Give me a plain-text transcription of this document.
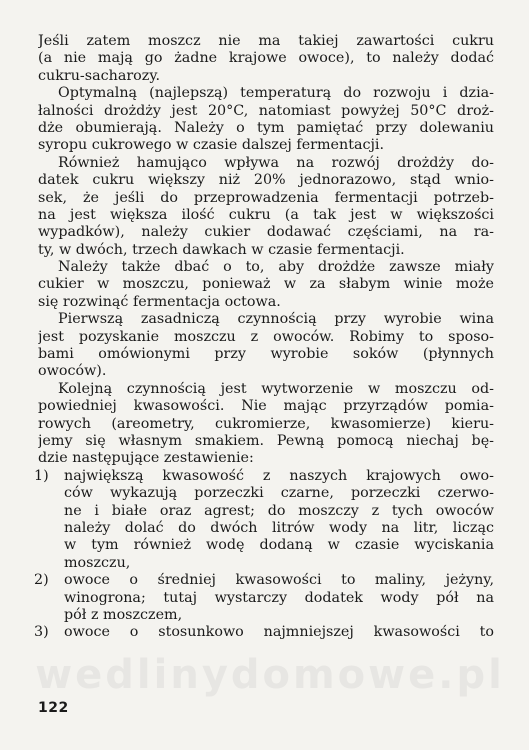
Jeśli zatem moszcz nie ma takiej zawartości cukru
(a nie mają go żadne krajowe owoce), to należy dodać
cukru-sacharozy.
Optymalną (najlepszą) temperaturą do rozwoju i dzia-
łalności drożdży jest 20°C, natomiast powyżej 50°C droż-
dże obumierają. Należy o tym pamiętać przy dolewaniu
syropu cukrowego w czasie dalszej fermentacji.
Również hamująco wpływa na rozwój drożdży do-
datek cukru większy niż 20% jednorazowo, stąd wnio-
sek, że jeśli do przeprowadzenia fermentacji potrzeb-
na jest większa ilość cukru (a tak jest w większości
wypadków), należy cukier dodawać częściami, na ra-
ty, w dwóch, trzech dawkach w czasie fermentacji.
Należy także dbać o to, aby drożdże zawsze miały
cukier w moszczu, ponieważ w za słabym winie może
się rozwinąć fermentacja octowa.
Pierwszą zasadniczą czynnością przy wyrobie wina
jest pozyskanie moszczu z owoców. Robimy to sposo-
bami omówionymi przy wyrobie soków (płynnych
owoców).
Kolejną czynnością jest wytworzenie w moszczu od-
powiedniej kwasowości. Nie mając przyrządów pomia-
rowych (areometry, cukromierze, kwasomierze) kieru-
jemy się własnym smakiem. Pewną pomocą niechaj bę-
dzie następujące zestawienie:
1) największą kwasowość z naszych krajowych owo-
ców wykazują porzeczki czarne, porzeczki czerwo-
ne i białe oraz agrest; do moszczy z tych owoców
należy dolać do dwóch litrów wody na litr, licząc
w tym również wodę dodaną w czasie wyciskania
moszczu,
2) owoce o średniej kwasowości to maliny, jeżyny,
winogrona; tutaj wystarczy dodatek wody pół na
pół z moszczem,
3) owoce o stosunkowo najmniejszej kwasowości to
wedlinydomowe.pl
122
